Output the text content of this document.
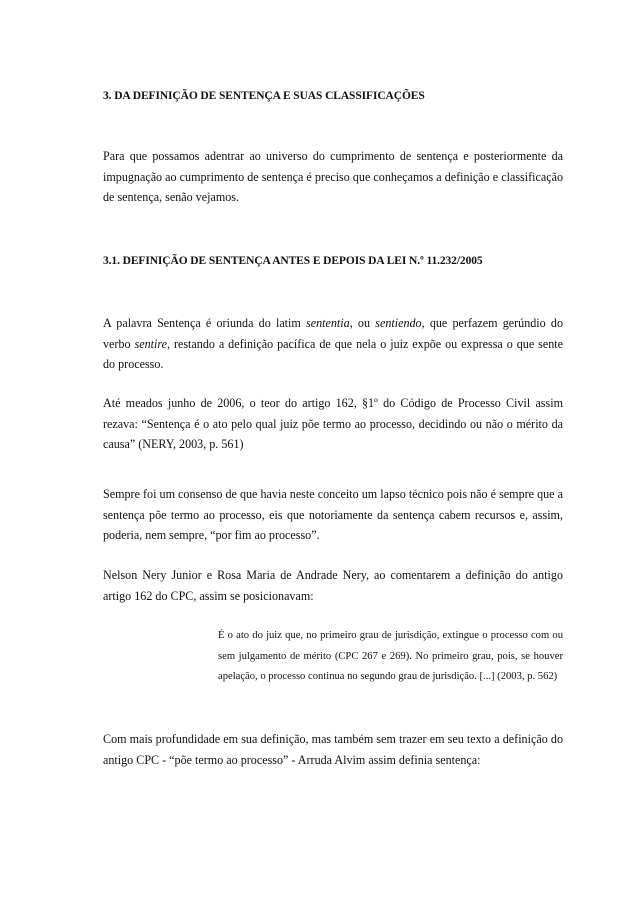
3. DA DEFINIÇÃO DE SENTENÇA E SUAS CLASSIFICAÇÕES

Para que possamos adentrar ao universo do cumprimento de sentença e posteriormente da impugnação ao cumprimento de sentença é preciso que conheçamos a definição e classificação de sentença, senão vejamos.

3.1. DEFINIÇÃO DE SENTENÇA ANTES E DEPOIS DA LEI N.º 11.232/2005

A palavra Sentença é oriunda do latim sententia, ou sentiendo, que perfazem gerúndio do verbo sentire, restando a definição pacífica de que nela o juiz expõe ou expressa o que sente do processo.

Até meados junho de 2006, o teor do artigo 162, §1º do Código de Processo Civil assim rezava: “Sentença é o ato pelo qual juiz põe termo ao processo, decidindo ou não o mérito da causa” (NERY, 2003, p. 561)

Sempre foi um consenso de que havia neste conceito um lapso técnico pois não é sempre que a sentença põe termo ao processo, eis que notoriamente da sentença cabem recursos e, assim, poderia, nem sempre, “por fim ao processo”.

Nelson Nery Junior e Rosa Maria de Andrade Nery, ao comentarem a definição do antigo artigo 162 do CPC, assim se posicionavam:

É o ato do juiz que, no primeiro grau de jurisdição, extingue o processo com ou sem julgamento de mérito (CPC 267 e 269). No primeiro grau, pois, se houver apelação, o processo continua no segundo grau de jurisdição. [...] (2003, p. 562)

Com mais profundidade em sua definição, mas também sem trazer em seu texto a definição do antigo CPC - “põe termo ao processo” - Arruda Alvim assim definia sentença:
